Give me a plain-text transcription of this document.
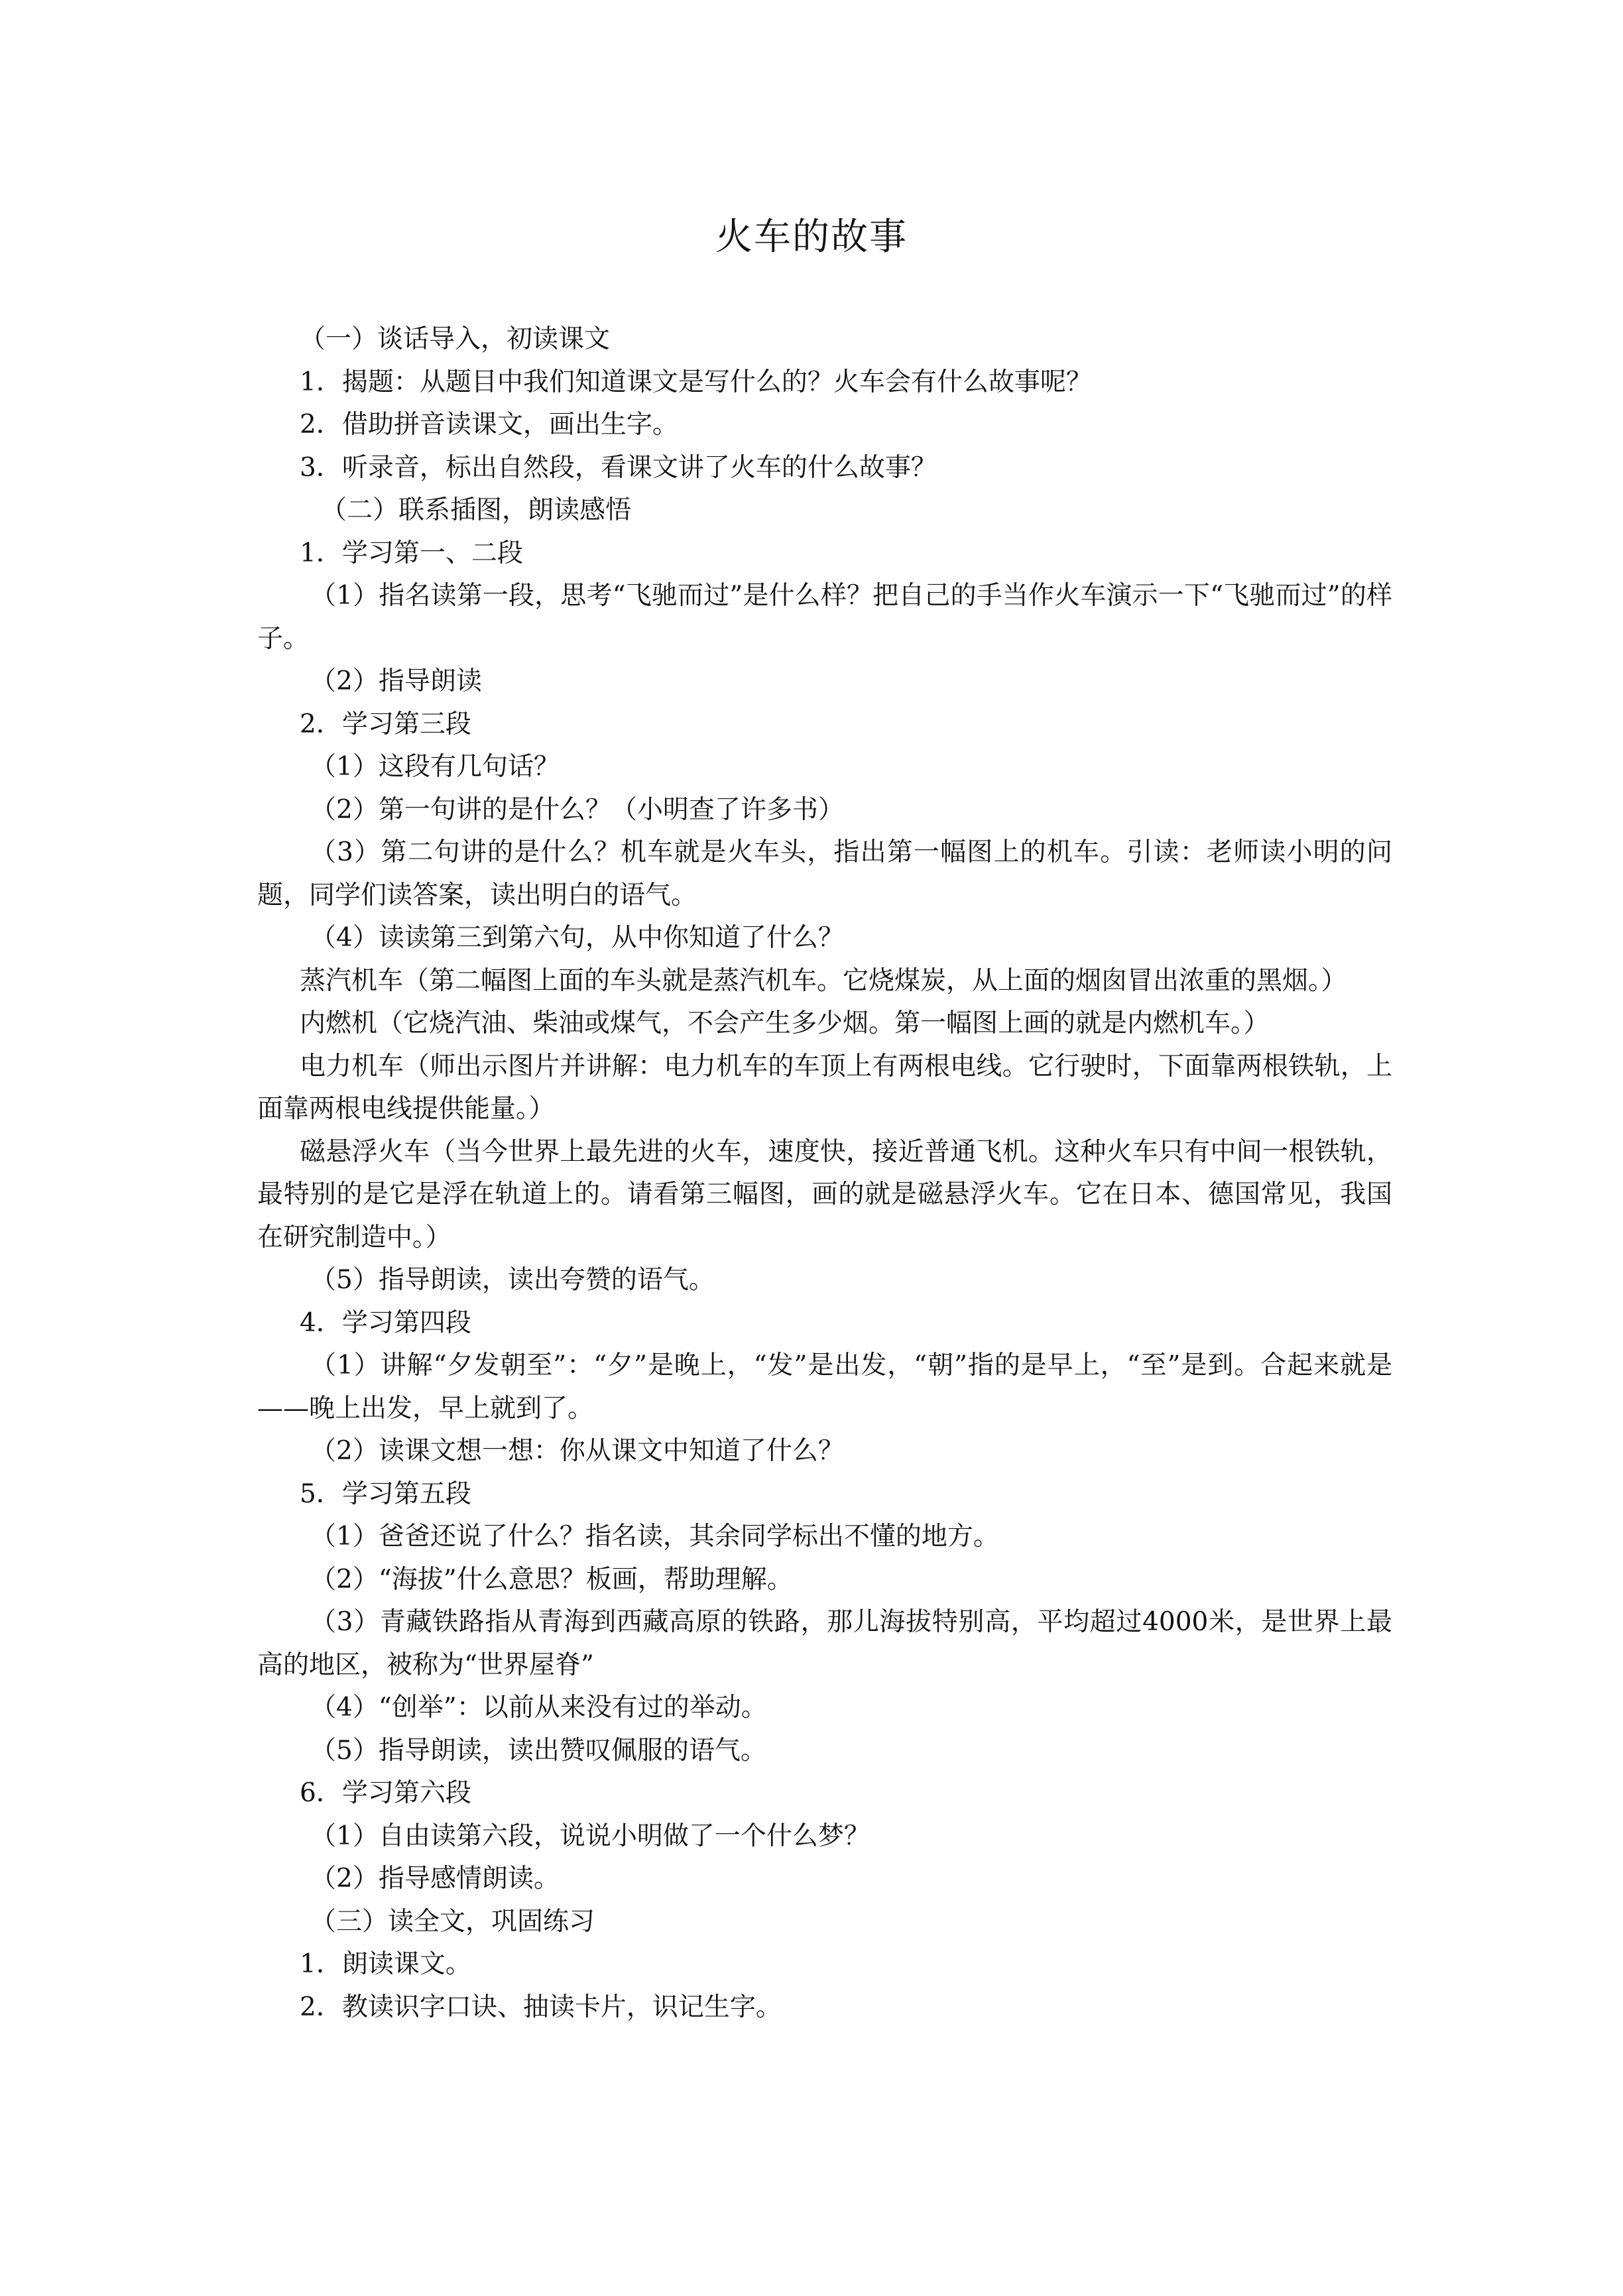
火车的故事

（一）谈话导入，初读课文

1．揭题：从题目中我们知道课文是写什么的？火车会有什么故事呢？

2．借助拼音读课文，画出生字。

3．听录音，标出自然段，看课文讲了火车的什么故事？

（二）联系插图，朗读感悟

1．学习第一、二段

（1）指名读第一段，思考“飞驰而过”是什么样？把自己的手当作火车演示一下“飞驰而过”的样子。

（2）指导朗读

2．学习第三段

（1）这段有几句话？

（2）第一句讲的是什么？（小明查了许多书）

（3）第二句讲的是什么？机车就是火车头，指出第一幅图上的机车。引读：老师读小明的问题，同学们读答案，读出明白的语气。

（4）读读第三到第六句，从中你知道了什么？

蒸汽机车（第二幅图上面的车头就是蒸汽机车。它烧煤炭，从上面的烟囱冒出浓重的黑烟。）

内燃机（它烧汽油、柴油或煤气，不会产生多少烟。第一幅图上画的就是内燃机车。）

电力机车（师出示图片并讲解：电力机车的车顶上有两根电线。它行驶时，下面靠两根铁轨，上面靠两根电线提供能量。）

磁悬浮火车（当今世界上最先进的火车，速度快，接近普通飞机。这种火车只有中间一根铁轨，最特别的是它是浮在轨道上的。请看第三幅图，画的就是磁悬浮火车。它在日本、德国常见，我国在研究制造中。）

（5）指导朗读，读出夸赞的语气。

4．学习第四段

（1）讲解“夕发朝至”：“夕”是晚上，“发”是出发，“朝”指的是早上，“至”是到。合起来就是——晚上出发，早上就到了。

（2）读课文想一想：你从课文中知道了什么？

5．学习第五段

（1）爸爸还说了什么？指名读，其余同学标出不懂的地方。

（2）“海拔”什么意思？板画，帮助理解。

（3）青藏铁路指从青海到西藏高原的铁路，那儿海拔特别高，平均超过4000米，是世界上最高的地区，被称为“世界屋脊”

（4）“创举”：以前从来没有过的举动。

（5）指导朗读，读出赞叹佩服的语气。

6．学习第六段

（1）自由读第六段，说说小明做了一个什么梦？

（2）指导感情朗读。

（三）读全文，巩固练习

1．朗读课文。

2．教读识字口诀、抽读卡片，识记生字。
